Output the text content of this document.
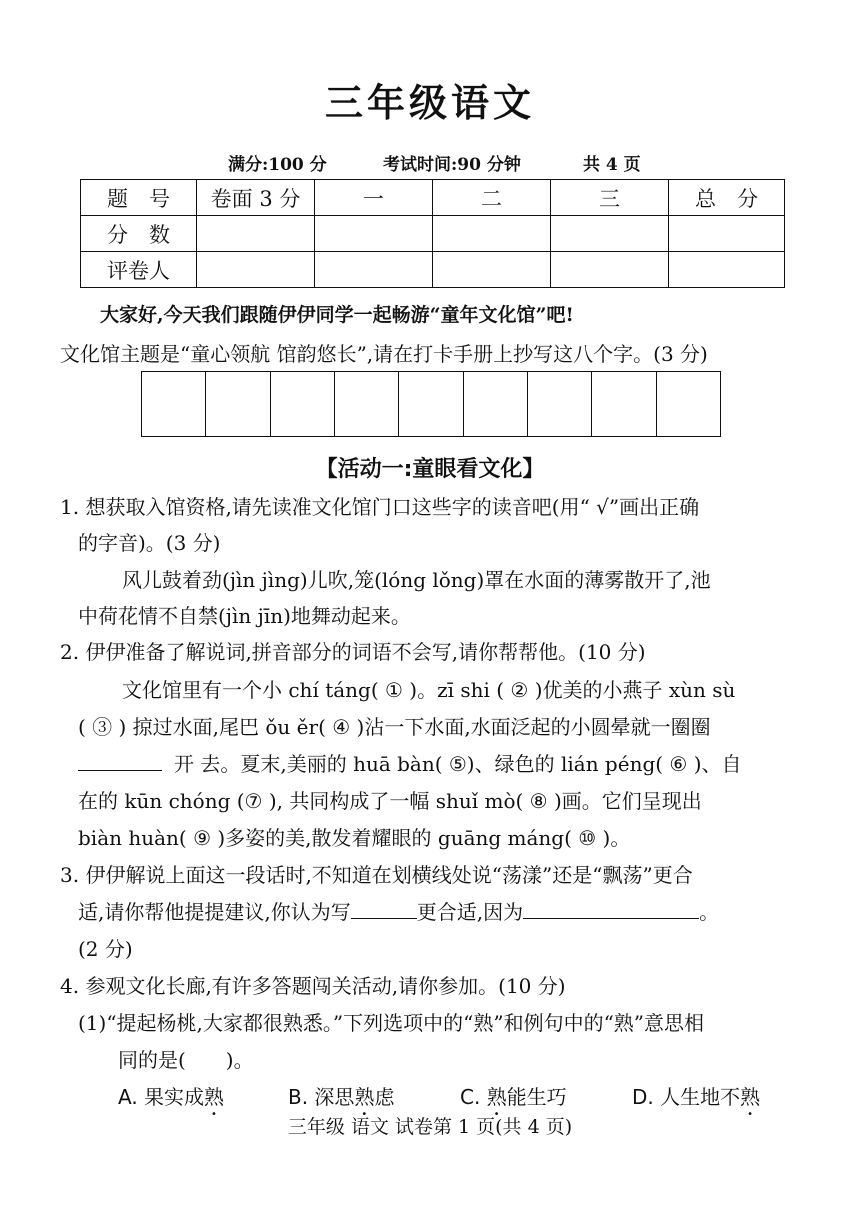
三年级语文
满分:100 分	考试时间:90 分钟	共 4 页
题　号	卷面 3 分	一	二	三	总　分
分　数					
评卷人					
大家好,今天我们跟随伊伊同学一起畅游“童年文化馆”吧!
文化馆主题是“童心领航 馆韵悠长”,请在打卡手册上抄写这八个字。(3 分)
【活动一:童眼看文化】
1. 想获取入馆资格,请先读准文化馆门口这些字的读音吧(用“ √”画出正确
的字音)。(3 分)
风儿鼓着劲(jìn jìng)儿吹,笼(lóng lǒng)罩在水面的薄雾散开了,池
中荷花情不自禁(jìn jīn)地舞动起来。
2. 伊伊准备了解说词,拼音部分的词语不会写,请你帮帮他。(10 分)
文化馆里有一个小 chí táng( ① )。zī shi ( ② )优美的小燕子 xùn sù
( ③ ) 掠过水面,尾巴 ǒu ěr( ④ )沾一下水面,水面泛起的小圆晕就一圈圈
开 去。夏末,美丽的 huā bàn( ⑤)、绿色的 lián péng( ⑥ )、自
在的 kūn chóng (⑦ ), 共同构成了一幅 shuǐ mò( ⑧ )画。它们呈现出
biàn huàn( ⑨ )多姿的美,散发着耀眼的 guāng máng( ⑩ )。
3. 伊伊解说上面这一段话时,不知道在划横线处说“荡漾”还是“飘荡”更合
适,请你帮他提提建议,你认为写	更合适,因为	。
(2 分)
4. 参观文化长廊,有许多答题闯关活动,请你参加。(10 分)
(1)“提起杨桃,大家都很熟悉。”下列选项中的“熟”和例句中的“熟”意思相
同的是(　　)。
A. 果实成熟	B. 深思熟虑	C. 熟能生巧	D. 人生地不熟
三年级 语文 试卷第 1 页(共 4 页)
